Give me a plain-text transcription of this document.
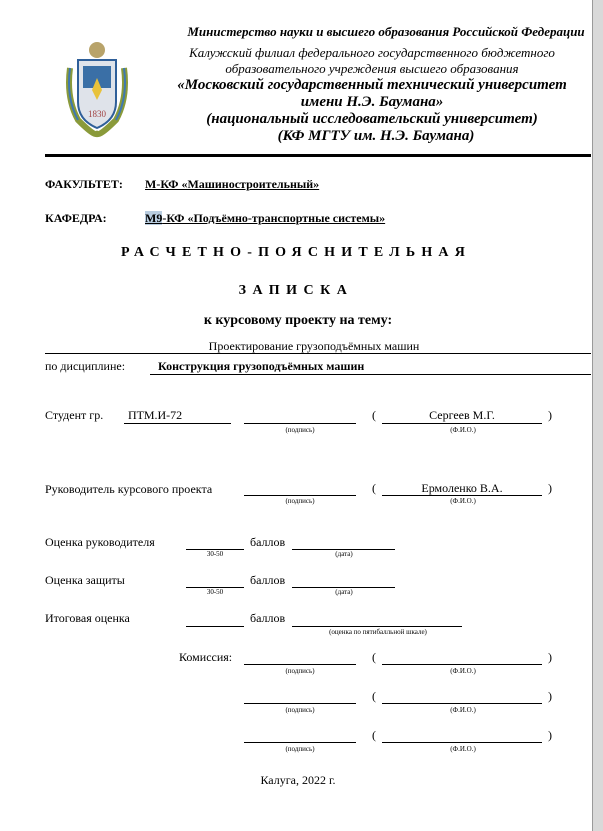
1830
Министерство науки и высшего образования Российской Федерации
Калужский филиал федерального государственного бюджетного
образовательного учреждения высшего образования
«Московский государственный технический университет
имени Н.Э. Баумана»
(национальный исследовательский университет)
(КФ МГТУ им. Н.Э. Баумана)
ФАКУЛЬТЕТ: М-КФ «Машиностроительный»
КАФЕДРА:	М9-КФ «Подъёмно-транспортные системы»
РАСЧЕТНО-ПОЯСНИТЕЛЬНАЯ
ЗАПИСКА
к курсовому проекту на тему:
Проектирование грузоподъёмных машин
по дисциплине:	Конструкция грузоподъёмных машин
Студент гр. ПТМ.И-72
(подпись)
(	Сергеев М.Г.	)
(Ф.И.О.)
Руководитель курсового проекта
(подпись)
(	Ермоленко В.А.	)
(Ф.И.О.)
Оценка руководителя
30-50
баллов
(дата)
Оценка защиты
30-50
баллов
(дата)
Итоговая оценка	баллов
(оценка по пятибалльной шкале)
Комиссия:
(подпись)
(	)
(Ф.И.О.)
(подпись)
(	)
(Ф.И.О.)
(подпись)
(	)
(Ф.И.О.)
Калуга, 2022 г.
